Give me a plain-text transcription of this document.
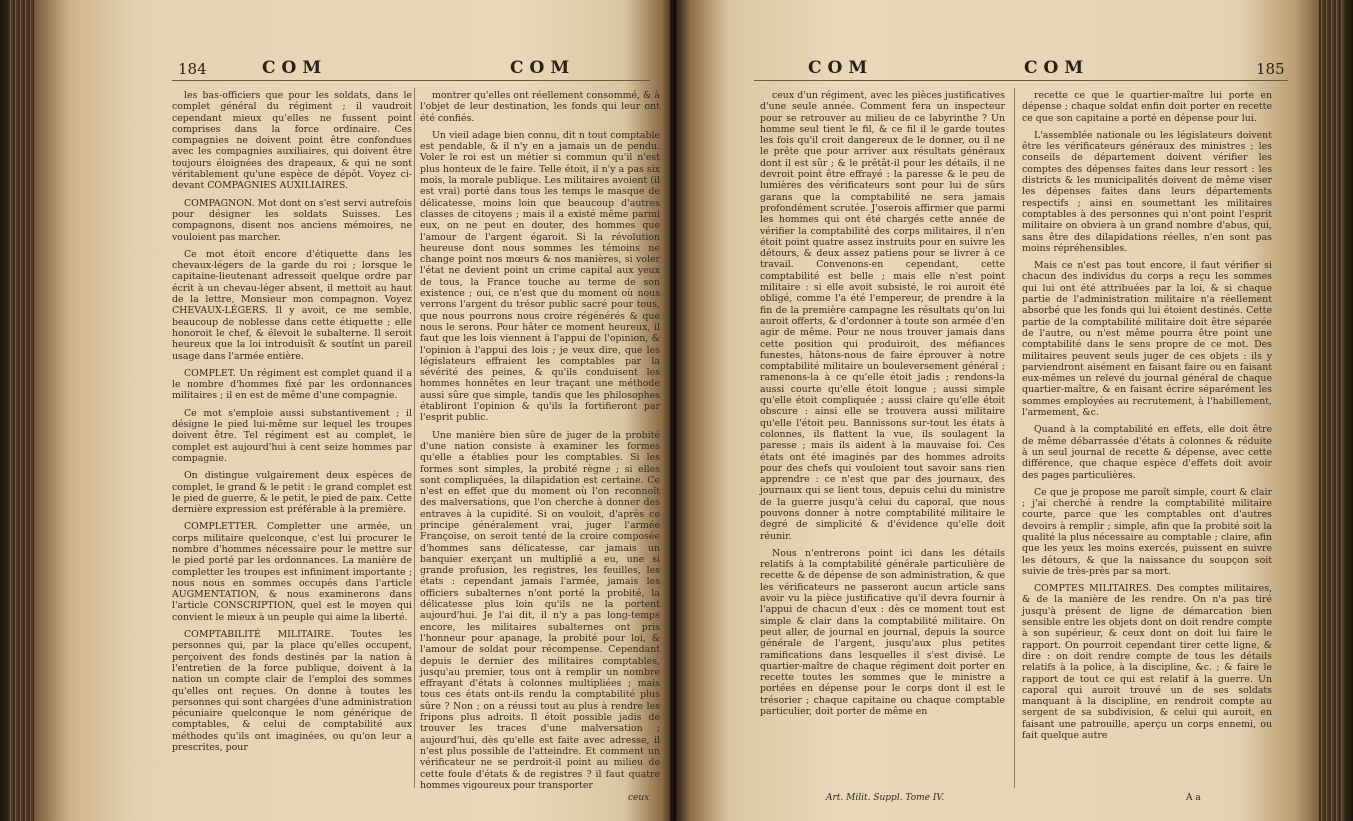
184	COM	COM

les bas-officiers que pour les soldats, dans le complet général du régiment ; il vaudroit cependant mieux qu'elles ne fussent point comprises dans la force ordinaire. Ces compagnies ne doivent point être confondues avec les compagnies auxiliaires, qui doivent être toujours éloignées des drapeaux, & qui ne sont véritablement qu'une espèce de dépôt. Voyez ci-devant COMPAGNIES AUXILIAIRES.

COMPAGNON. Mot dont on s'est servi autrefois pour désigner les soldats Suisses. Les compagnons, disent nos anciens mémoires, ne vouloient pas marcher.

Ce mot étoit encore d'étiquette dans les chevaux-légers de la garde du roi ; lorsque le capitaine-lieutenant adressoit quelque ordre par écrit à un chevau-léger absent, il mettoit au haut de la lettre, Monsieur mon compagnon. Voyez CHEVAUX-LÉGERS. Il y avoit, ce me semble, beaucoup de noblesse dans cette étiquette ; elle honoroit le chef, & élevoit le subalterne. Il seroit heureux que la loi introduisît & soutînt un pareil usage dans l'armée entière.

COMPLET. Un régiment est complet quand il a le nombre d'hommes fixé par les ordonnances militaires ; il en est de même d'une compagnie.

Ce mot s'emploie aussi substantivement ; il désigne le pied lui-même sur lequel les troupes doivent être. Tel régiment est au complet, le complet est aujourd'hui à cent seize hommes par compagnie.

On distingue vulgairement deux espèces de complet, le grand & le petit : le grand complet est le pied de guerre, & le petit, le pied de paix. Cette dernière expression est préférable à la première.

COMPLETTER. Completter une armée, un corps militaire quelconque, c'est lui procurer le nombre d'hommes nécessaire pour le mettre sur le pied porté par les ordonnances. La manière de completter les troupes est infiniment importante ; nous nous en sommes occupés dans l'article AUGMENTATION, & nous examinerons dans l'article CONSCRIPTION, quel est le moyen qui convient le mieux à un peuple qui aime la liberté.

COMPTABILITÉ MILITAIRE. Toutes les personnes qui, par la place qu'elles occupent, perçoivent des fonds destinés par la nation à l'entretien de la force publique, doivent à la nation un compte clair de l'emploi des sommes qu'elles ont reçues. On donne à toutes les personnes qui sont chargées d'une administration pécuniaire quelconque le nom générique de comptables, & celui de comptabilité aux méthodes qu'ils ont imaginées, ou qu'on leur a prescrites, pour

montrer qu'elles ont réellement consommé, & à l'objet de leur destination, les fonds qui leur ont été confiés.

Un vieil adage bien connu, dit n tout comptable est pendable, & il n'y en a jamais un de pendu. Voler le roi est un métier si commun qu'il n'est plus honteux de le faire. Telle étoit, il n'y a pas six mois, la morale publique. Les militaires avoient (il est vrai) porté dans tous les temps le masque de délicatesse, moins loin que beaucoup d'autres classes de citoyens ; mais il a existé même parmi eux, on ne peut en douter, des hommes que l'amour de l'argent égaroit. Si la révolution heureuse dont nous sommes les témoins ne change point nos mœurs & nos manières, si voler l'état ne devient point un crime capital aux yeux de tous, la France touche au terme de son existence ; oui, ce n'est que du moment où nous verrons l'argent du trésor public sacré pour tous, que nous pourrons nous croire régénérés & que nous le serons. Pour hâter ce moment heureux, il faut que les lois viennent à l'appui de l'opinion, & l'opinion à l'appui des lois ; je veux dire, que les législateurs effraient les comptables par la sévérité des peines, & qu'ils conduisent les hommes honnêtes en leur traçant une méthode aussi sûre que simple, tandis que les philosophes établiront l'opinion & qu'ils la fortifieront par l'esprit public.

Une manière bien sûre de juger de la probité d'une nation consiste à examiner les formes qu'elle a établies pour les comptables. Si les formes sont simples, la probité règne ; si elles sont compliquées, la dilapidation est certaine. Ce n'est en effet que du moment où l'on reconnoît des malversations, que l'on cherche à donner des entraves à la cupidité. Si on vouloit, d'après ce principe généralement vrai, juger l'armée Françoise, on seroit tenté de la croire composée d'hommes sans délicatesse, car jamais un banquier exerçant un multiplié a eu, une si grande profusion, les registres, les feuilles, les états : cependant jamais l'armée, jamais les officiers subalternes n'ont porté la probité, la délicatesse plus loin qu'ils ne la portent aujourd'hui. Je l'ai dit, il n'y a pas long-temps encore, les militaires subalternes ont pris l'honneur pour apanage, la probité pour loi, & l'amour de soldat pour récompense. Cependant depuis le dernier des militaires comptables, jusqu'au premier, tous ont à remplir un nombre effrayant d'états à colonnes multipliées ; mais tous ces états ont-ils rendu la comptabilité plus sûre ? Non ; on a réussi tout au plus à rendre les fripons plus adroits. Il étoit possible jadis de trouver les traces d'une malversation ; aujourd'hui, dès qu'elle est faite avec adresse, il n'est plus possible de l'atteindre. Et comment un vérificateur ne se perdroit-il point au milieu de cette foule d'états & de registres ? il faut quatre hommes vigoureux pour transporter

ceux
COM	COM	185

ceux d'un régiment, avec les pièces justificatives d'une seule année. Comment fera un inspecteur pour se retrouver au milieu de ce labyrinthe ? Un homme seul tient le fil, & ce fil il le garde toutes les fois qu'il croit dangereux de le donner, ou il ne le prête que pour arriver aux résultats généraux dont il est sûr ; & le prêtât-il pour les détails, il ne devroit point être effrayé : la paresse & le peu de lumières des vérificateurs sont pour lui de sûrs garans que la comptabilité ne sera jamais profondément scrutée. J'oserois affirmer que parmi les hommes qui ont été chargés cette année de vérifier la comptabilité des corps militaires, il n'en étoit point quatre assez instruits pour en suivre les détours, & deux assez patiens pour se livrer à ce travail. Convenons-en cependant, cette comptabilité est belle ; mais elle n'est point militaire : si elle avoit subsisté, le roi auroit été obligé, comme l'a été l'empereur, de prendre à la fin de la première campagne les résultats qu'on lui auroit offerts, & d'ordonner à toute son armée d'en agir de même. Pour ne nous trouver jamais dans cette position qui produiroit, des méfiances funestes, hâtons-nous de faire éprouver à notre comptabilité militaire un bouleversement général ; ramenons-la à ce qu'elle étoit jadis ; rendons-la aussi courte qu'elle étoit longue ; aussi simple qu'elle étoit compliquée ; aussi claire qu'elle étoit obscure : ainsi elle se trouvera aussi militaire qu'elle l'étoit peu. Bannissons sur-tout les états à colonnes, ils flattent la vue, ils soulagent la paresse ; mais ils aident à la mauvaise foi. Ces états ont été imaginés par des hommes adroits pour des chefs qui vouloient tout savoir sans rien apprendre : ce n'est que par des journaux, des journaux qui se lient tous, depuis celui du ministre de la guerre jusqu'à celui du caporal, que nous pouvons donner à notre comptabilité militaire le degré de simplicité & d'évidence qu'elle doit réunir.

Nous n'entrerons point ici dans les détails relatifs à la comptabilité générale particulière de recette & de dépense de son administration, & que les vérificateurs ne passeront aucun article sans avoir vu la pièce justificative qu'il devra fournir à l'appui de chacun d'eux : dès ce moment tout est simple & clair dans la comptabilité militaire. On peut aller, de journal en journal, depuis la source générale de l'argent, jusqu'aux plus petites ramifications dans lesquelles il s'est divisé. Le quartier-maître de chaque régiment doit porter en recette toutes les sommes que le ministre a portées en dépense pour le corps dont il est le trésorier ; chaque capitaine ou chaque comptable particulier, doit porter de même en

recette ce que le quartier-maître lui porte en dépense ; chaque soldat enfin doit porter en recette ce que son capitaine a porté en dépense pour lui.

L'assemblée nationale ou les législateurs doivent être les vérificateurs généraux des ministres ; les conseils de département doivent vérifier les comptes des dépenses faites dans leur ressort : les districts & les municipalités doivent de même viser les dépenses faites dans leurs départements respectifs ; ainsi en soumettant les militaires comptables à des personnes qui n'ont point l'esprit militaire on obviera à un grand nombre d'abus, qui, sans être des dilapidations réelles, n'en sont pas moins répréhensibles.

Mais ce n'est pas tout encore, il faut vérifier si chacun des individus du corps a reçu les sommes qui lui ont été attribuées par la loi, & si chaque partie de l'administration militaire n'a réellement absorbé que les fonds qui lui étoient destinés. Cette partie de la comptabilité militaire doit être séparée de l'autre, ou n'est même pourra être point une comptabilité dans le sens propre de ce mot. Des militaires peuvent seuls juger de ces objets : ils y parviendront aisément en faisant faire ou en faisant eux-mêmes un relevé du journal général de chaque quartier-maître, & en faisant écrire séparément les sommes employées au recrutement, à l'habillement, l'armement, &c.

Quand à la comptabilité en effets, elle doit être de même débarrassée d'états à colonnes & réduite à un seul journal de recette & dépense, avec cette différence, que chaque espèce d'effets doit avoir des pages particulières.

Ce que je propose me paroît simple, court & clair ; j'ai cherché à rendre la comptabilité militaire courte, parce que les comptables ont d'autres devoirs à remplir ; simple, afin que la probité soit la qualité la plus nécessaire au comptable ; claire, afin que les yeux les moins exercés, puissent en suivre les détours, & que la naissance du soupçon soit suivie de très-près par sa mort.

COMPTES MILITAIRES. Des comptes militaires, & de la manière de les rendre. On n'a pas tiré jusqu'à présent de ligne de démarcation bien sensible entre les objets dont on doit rendre compte à son supérieur, & ceux dont on doit lui faire le rapport. On pourroit cependant tirer cette ligne, & dire : on doit rendre compte de tous les détails relatifs à la police, à la discipline, &c. ; & faire le rapport de tout ce qui est relatif à la guerre. Un caporal qui auroit trouvé un de ses soldats manquant à la discipline, en rendroit compte au sergent de sa subdivision, & celui qui auroit, en faisant une patrouille, aperçu un corps ennemi, ou fait quelque autre

Art. Milit. Suppl. Tome IV.	A a
